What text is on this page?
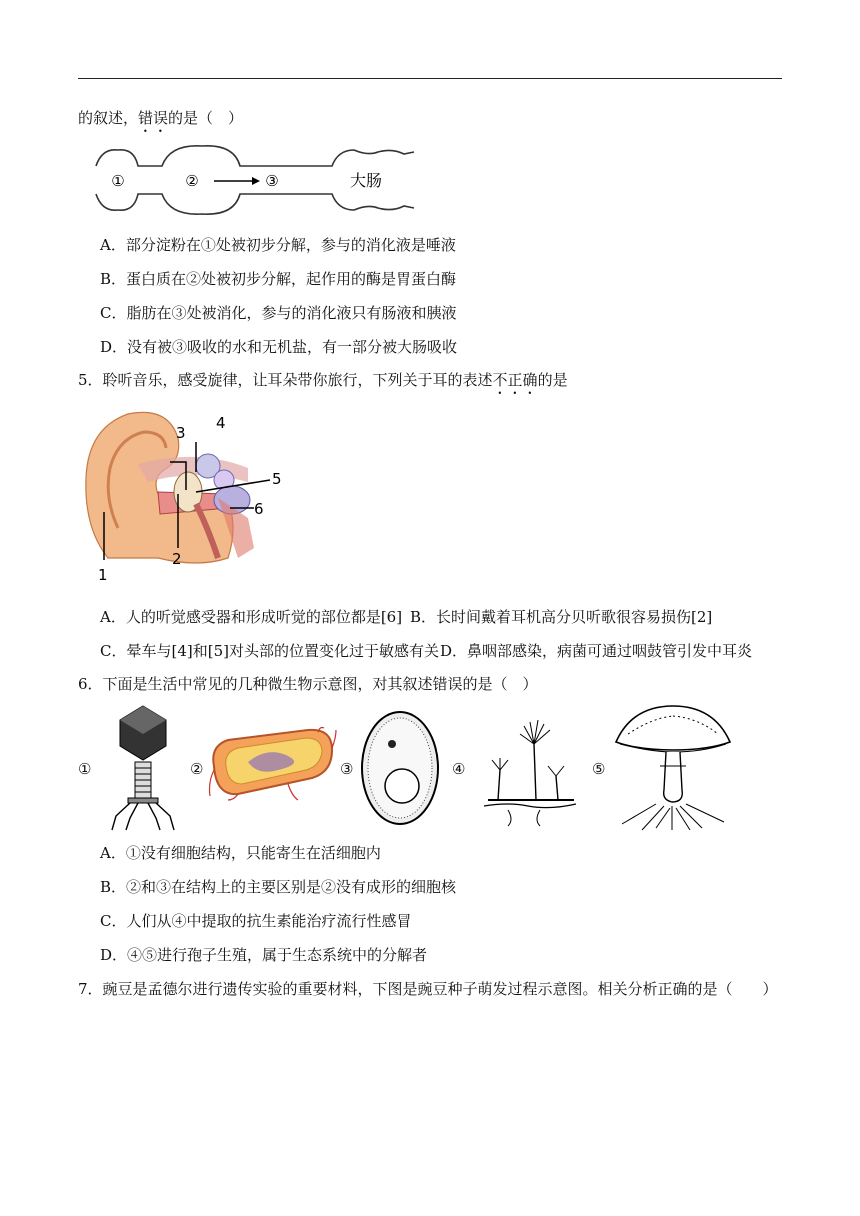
的叙述，错误的是（　）
①	②	③	大肠
A．部分淀粉在①处被初步分解，参与的消化液是唾液
B．蛋白质在②处被初步分解，起作用的酶是胃蛋白酶
C．脂肪在③处被消化，参与的消化液只有肠液和胰液
D．没有被③吸收的水和无机盐，有一部分被大肠吸收
5．聆听音乐，感受旋律，让耳朵带你旅行，下列关于耳的表述不正确的是
1
2
3
4
5
6
A．人的听觉感受器和形成听觉的部位都是[6] B．长时间戴着耳机高分贝听歌很容易损伤[2]
C．晕车与[4]和[5]对头部的位置变化过于敏感有关 D．鼻咽部感染，病菌可通过咽鼓管引发中耳炎
6．下面是生活中常见的几种微生物示意图，对其叙述错误的是（　）
①	②	③	④	⑤
A．①没有细胞结构，只能寄生在活细胞内
B．②和③在结构上的主要区别是②没有成形的细胞核
C．人们从④中提取的抗生素能治疗流行性感冒
D．④⑤进行孢子生殖，属于生态系统中的分解者
7．豌豆是孟德尔进行遗传实验的重要材料，下图是豌豆种子萌发过程示意图。相关分析正确的是（　　）
